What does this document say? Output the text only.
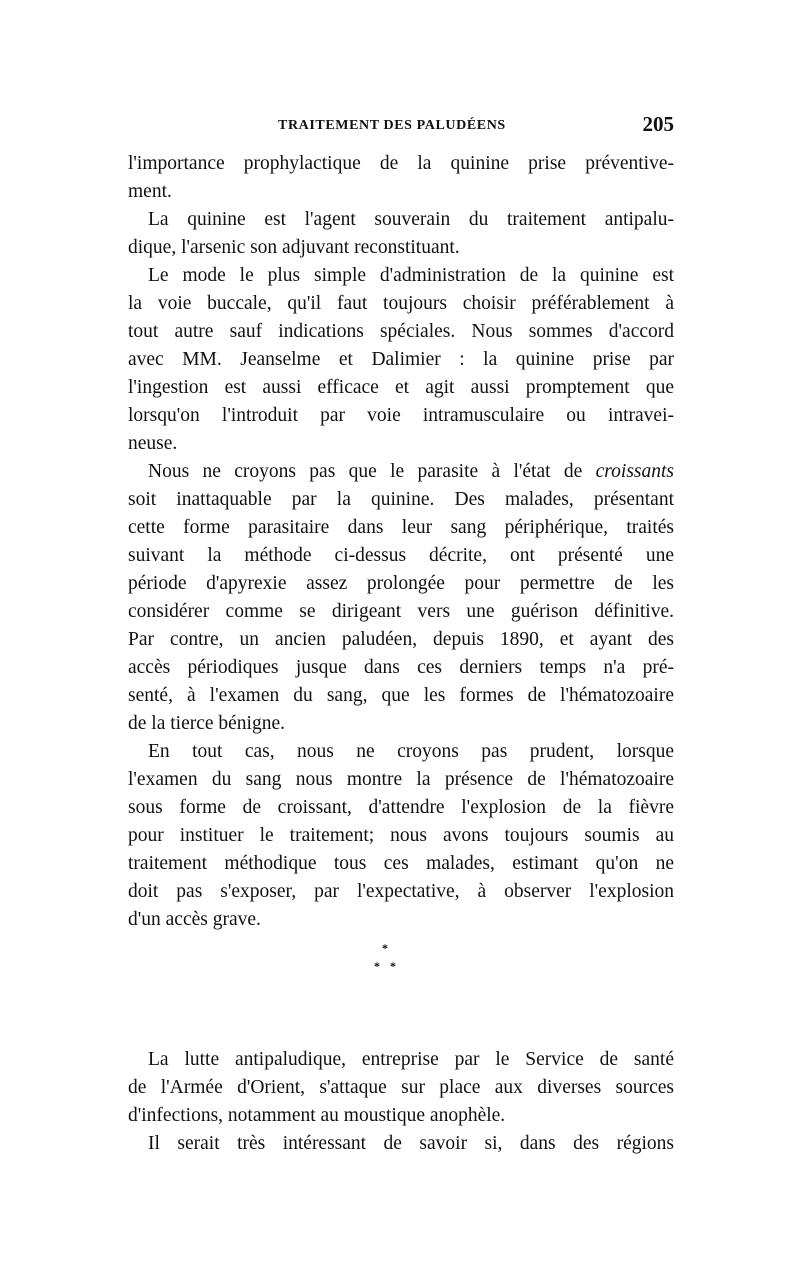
TRAITEMENT DES PALUDÉENS	205
l'importance prophylactique de la quinine prise préventive-
ment.
La quinine est l'agent souverain du traitement antipalu-
dique, l'arsenic son adjuvant reconstituant.
Le mode le plus simple d'administration de la quinine est
la voie buccale, qu'il faut toujours choisir préférablement à
tout autre sauf indications spéciales. Nous sommes d'accord
avec MM. Jeanselme et Dalimier : la quinine prise par
l'ingestion est aussi efficace et agit aussi promptement que
lorsqu'on l'introduit par voie intramusculaire ou intravei-
neuse.
Nous ne croyons pas que le parasite à l'état de croissants
soit inattaquable par la quinine. Des malades, présentant
cette forme parasitaire dans leur sang périphérique, traités
suivant la méthode ci-dessus décrite, ont présenté une
période d'apyrexie assez prolongée pour permettre de les
considérer comme se dirigeant vers une guérison définitive.
Par contre, un ancien paludéen, depuis 1890, et ayant des
accès périodiques jusque dans ces derniers temps n'a pré-
senté, à l'examen du sang, que les formes de l'hématozoaire
de la tierce bénigne.
En tout cas, nous ne croyons pas prudent, lorsque
l'examen du sang nous montre la présence de l'hématozoaire
sous forme de croissant, d'attendre l'explosion de la fièvre
pour instituer le traitement; nous avons toujours soumis au
traitement méthodique tous ces malades, estimant qu'on ne
doit pas s'exposer, par l'expectative, à observer l'explosion
d'un accès grave.
La lutte antipaludique, entreprise par le Service de santé
de l'Armée d'Orient, s'attaque sur place aux diverses sources
d'infections, notamment au moustique anophèle.
Il serait très intéressant de savoir si, dans des régions
*
* *
